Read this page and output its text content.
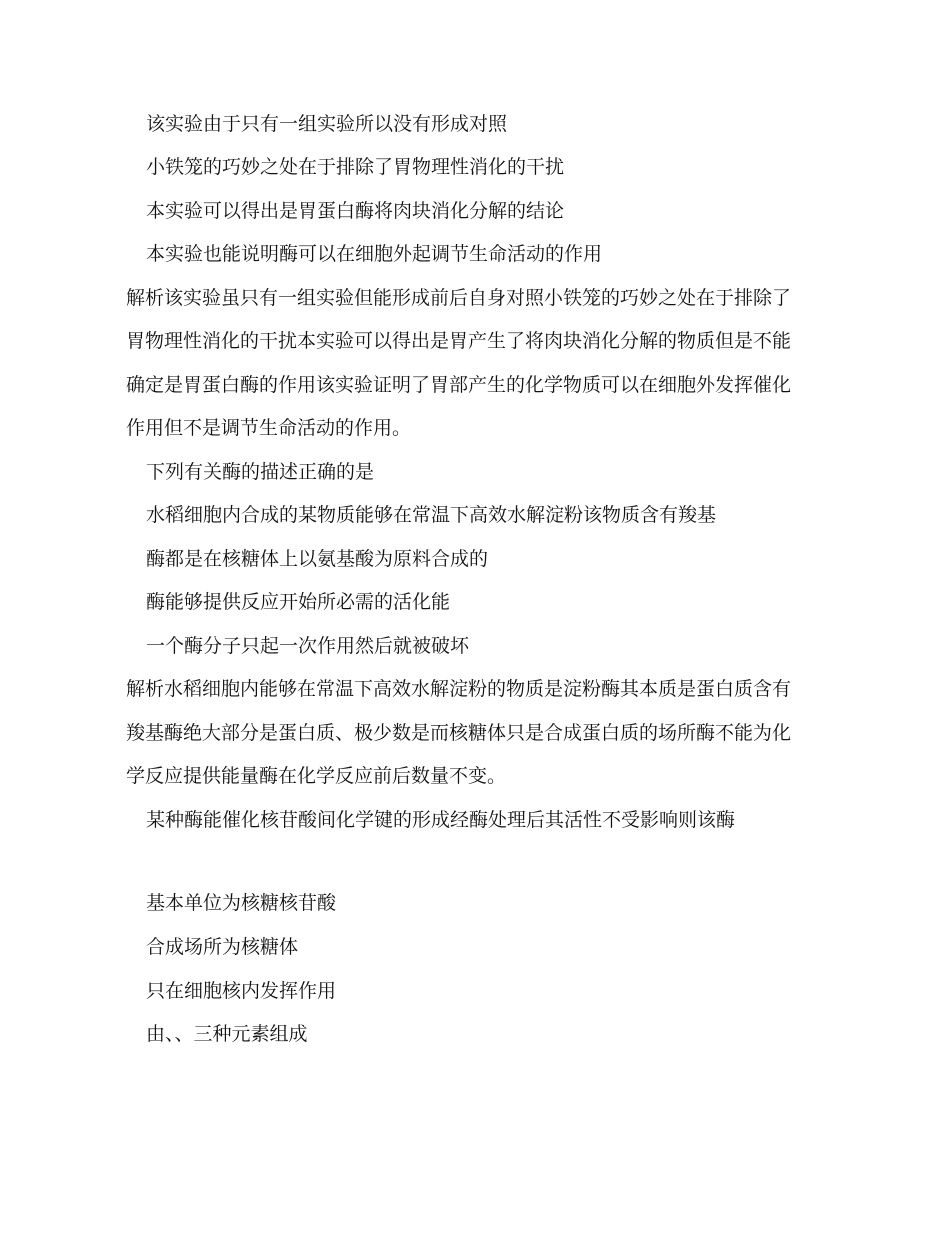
该实验由于只有一组实验所以没有形成对照
小铁笼的巧妙之处在于排除了胃物理性消化的干扰
本实验可以得出是胃蛋白酶将肉块消化分解的结论
本实验也能说明酶可以在细胞外起调节生命活动的作用
解析该实验虽只有一组实验但能形成前后自身对照小铁笼的巧妙之处在于排除了
胃物理性消化的干扰本实验可以得出是胃产生了将肉块消化分解的物质但是不能
确定是胃蛋白酶的作用该实验证明了胃部产生的化学物质可以在细胞外发挥催化
作用但不是调节生命活动的作用。
下列有关酶的描述正确的是
水稻细胞内合成的某物质能够在常温下高效水解淀粉该物质含有羧基
酶都是在核糖体上以氨基酸为原料合成的
酶能够提供反应开始所必需的活化能
一个酶分子只起一次作用然后就被破坏
解析水稻细胞内能够在常温下高效水解淀粉的物质是淀粉酶其本质是蛋白质含有
羧基酶绝大部分是蛋白质、极少数是而核糖体只是合成蛋白质的场所酶不能为化
学反应提供能量酶在化学反应前后数量不变。
某种酶能催化核苷酸间化学键的形成经酶处理后其活性不受影响则该酶
基本单位为核糖核苷酸
合成场所为核糖体
只在细胞核内发挥作用
由、、三种元素组成
